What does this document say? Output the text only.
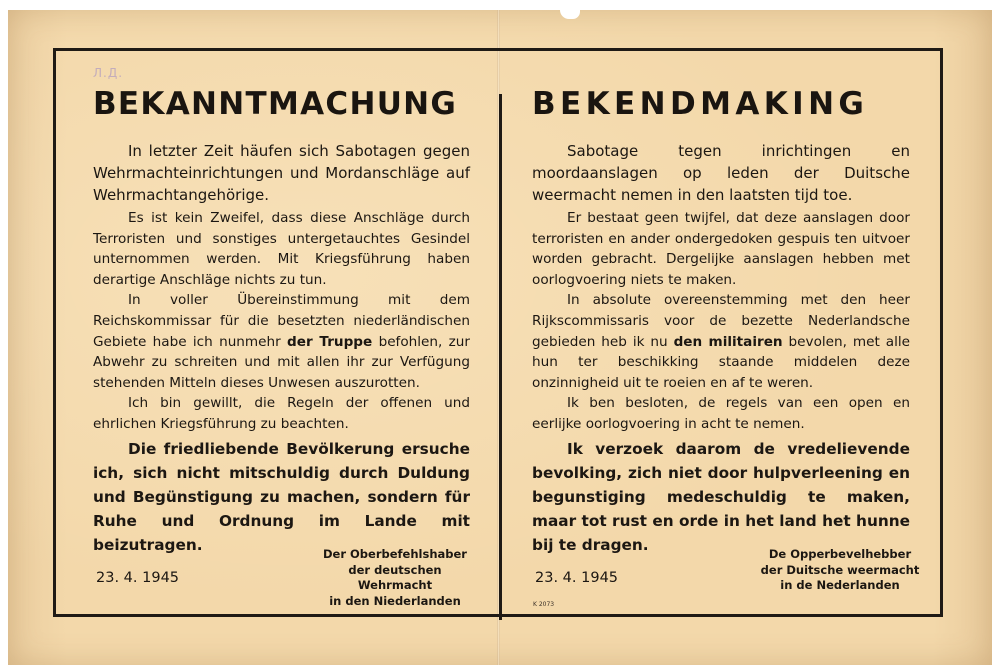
Л.Д.
BEKANNTMACHUNG

In letzter Zeit häufen sich Sabotagen gegen Wehrmachteinrichtungen und Mordanschläge auf Wehrmachtangehörige.

Es ist kein Zweifel, dass diese Anschläge durch Terroristen und sonstiges untergetauchtes Gesindel unternommen werden. Mit Kriegsführung haben derartige Anschläge nichts zu tun.

In voller Übereinstimmung mit dem Reichskommissar für die besetzten niederländischen Gebiete habe ich nunmehr der Truppe befohlen, zur Abwehr zu schreiten und mit allen ihr zur Verfügung stehenden Mitteln dieses Unwesen auszurotten.

Ich bin gewillt, die Regeln der offenen und ehrlichen Kriegsführung zu beachten.

Die friedliebende Bevölkerung ersuche ich, sich nicht mitschuldig durch Duldung und Begünstigung zu machen, sondern für Ruhe und Ordnung im Lande mit beizutragen.

BEKENDMAKING

Sabotage tegen inrichtingen en moordaanslagen op leden der Duitsche weermacht nemen in den laatsten tijd toe.

Er bestaat geen twijfel, dat deze aanslagen door terroristen en ander ondergedoken gespuis ten uitvoer worden gebracht. Dergelijke aanslagen hebben met oorlogvoering niets te maken.

In absolute overeenstemming met den heer Rijkscommissaris voor de bezette Nederlandsche gebieden heb ik nu den militairen bevolen, met alle hun ter beschikking staande middelen deze onzinnigheid uit te roeien en af te weren.

Ik ben besloten, de regels van een open en eerlijke oorlogvoering in acht te nemen.

Ik verzoek daarom de vredelievende bevolking, zich niet door hulpverleening en begunstiging medeschuldig te maken, maar tot rust en orde in het land het hunne bij te dragen.

23. 4. 1945
Der Oberbefehlshaber
der deutschen Wehrmacht
in den Niederlanden
23. 4. 1945
De Opperbevelhebber
der Duitsche weermacht
in de Nederlanden
K 2073
